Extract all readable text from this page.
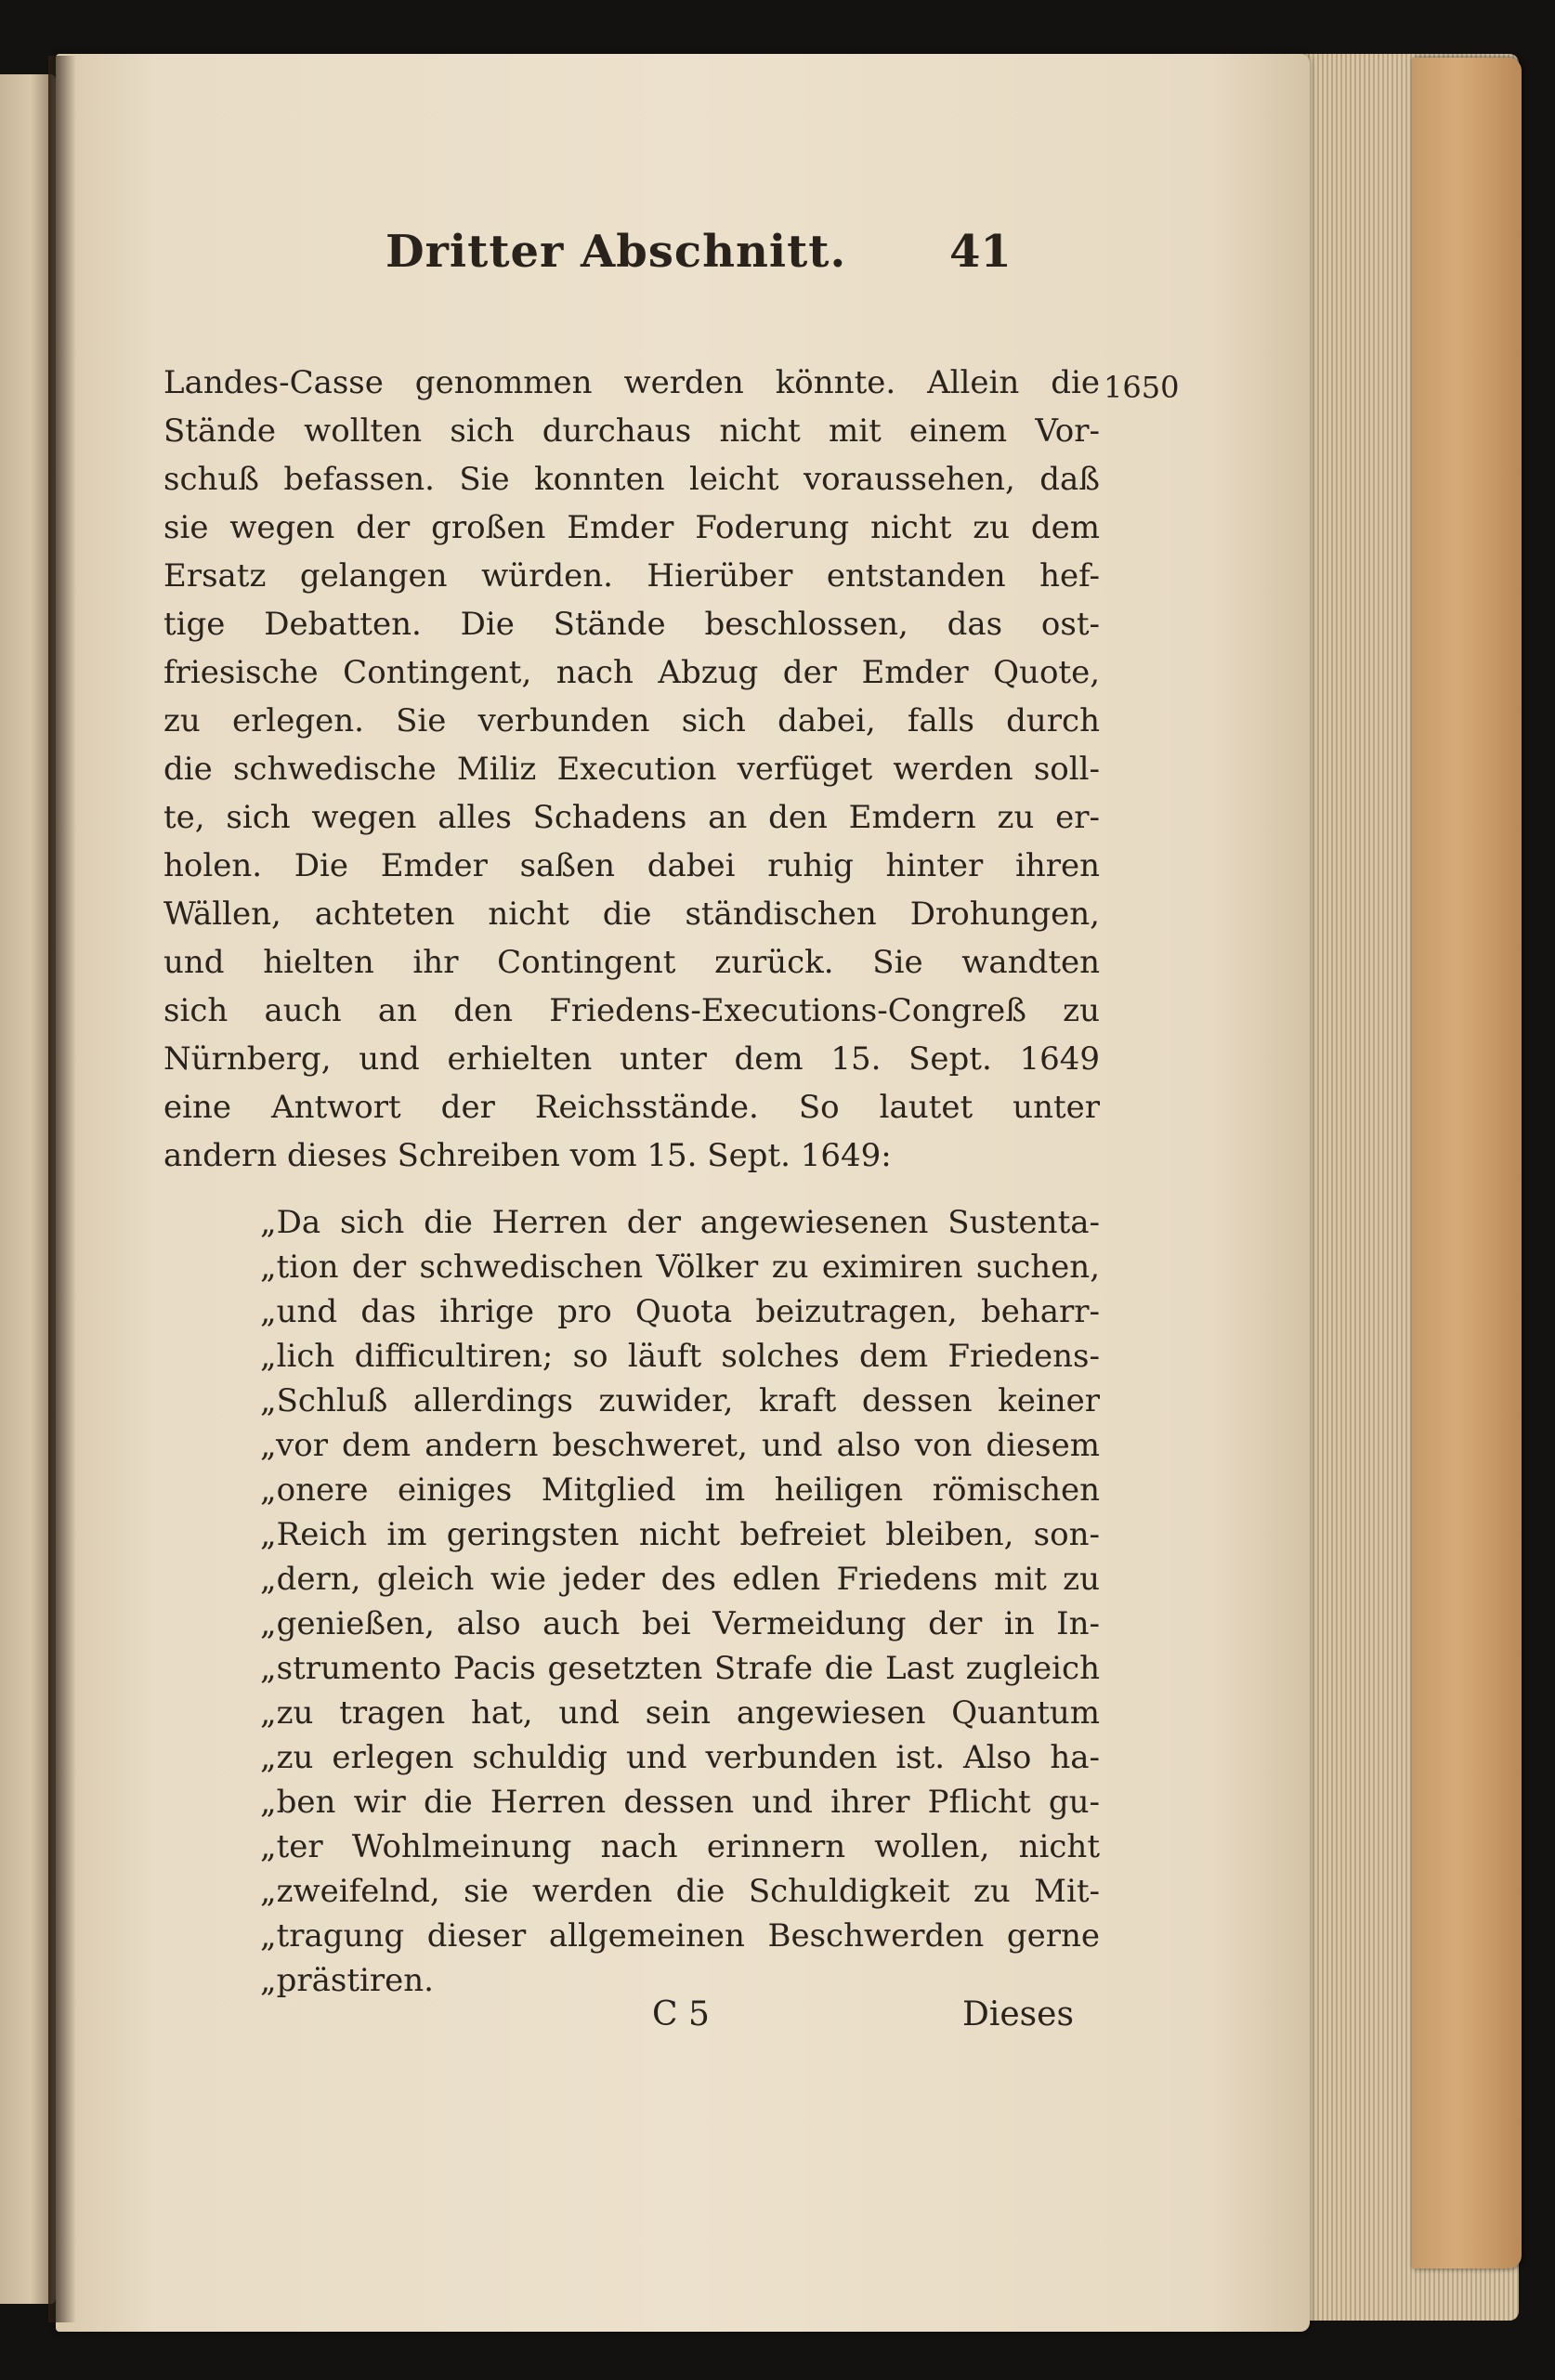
Dritter Abschnitt. 41
1650
Landes-Casse genommen werden könnte. Allein die
Stände wollten sich durchaus nicht mit einem Vor-
schuß befassen. Sie konnten leicht voraussehen, daß
sie wegen der großen Emder Foderung nicht zu dem
Ersatz gelangen würden. Hierüber entstanden hef-
tige Debatten. Die Stände beschlossen, das ost-
friesische Contingent, nach Abzug der Emder Quote,
zu erlegen. Sie verbunden sich dabei, falls durch
die schwedische Miliz Execution verfüget werden soll-
te, sich wegen alles Schadens an den Emdern zu er-
holen. Die Emder saßen dabei ruhig hinter ihren
Wällen, achteten nicht die ständischen Drohungen,
und hielten ihr Contingent zurück. Sie wandten
sich auch an den Friedens-Executions-Congreß zu
Nürnberg, und erhielten unter dem 15. Sept. 1649
eine Antwort der Reichsstände. So lautet unter
andern dieses Schreiben vom 15. Sept. 1649:
„Da sich die Herren der angewiesenen Sustenta-
„tion der schwedischen Völker zu eximiren suchen,
„und das ihrige pro Quota beizutragen, beharr-
„lich difficultiren; so läuft solches dem Friedens-
„Schluß allerdings zuwider, kraft dessen keiner
„vor dem andern beschweret, und also von diesem
„onere einiges Mitglied im heiligen römischen
„Reich im geringsten nicht befreiet bleiben, son-
„dern, gleich wie jeder des edlen Friedens mit zu
„genießen, also auch bei Vermeidung der in In-
„strumento Pacis gesetzten Strafe die Last zugleich
„zu tragen hat, und sein angewiesen Quantum
„zu erlegen schuldig und verbunden ist. Also ha-
„ben wir die Herren dessen und ihrer Pflicht gu-
„ter Wohlmeinung nach erinnern wollen, nicht
„zweifelnd, sie werden die Schuldigkeit zu Mit-
„tragung dieser allgemeinen Beschwerden gerne
„prästiren.
C 5	Dieses
